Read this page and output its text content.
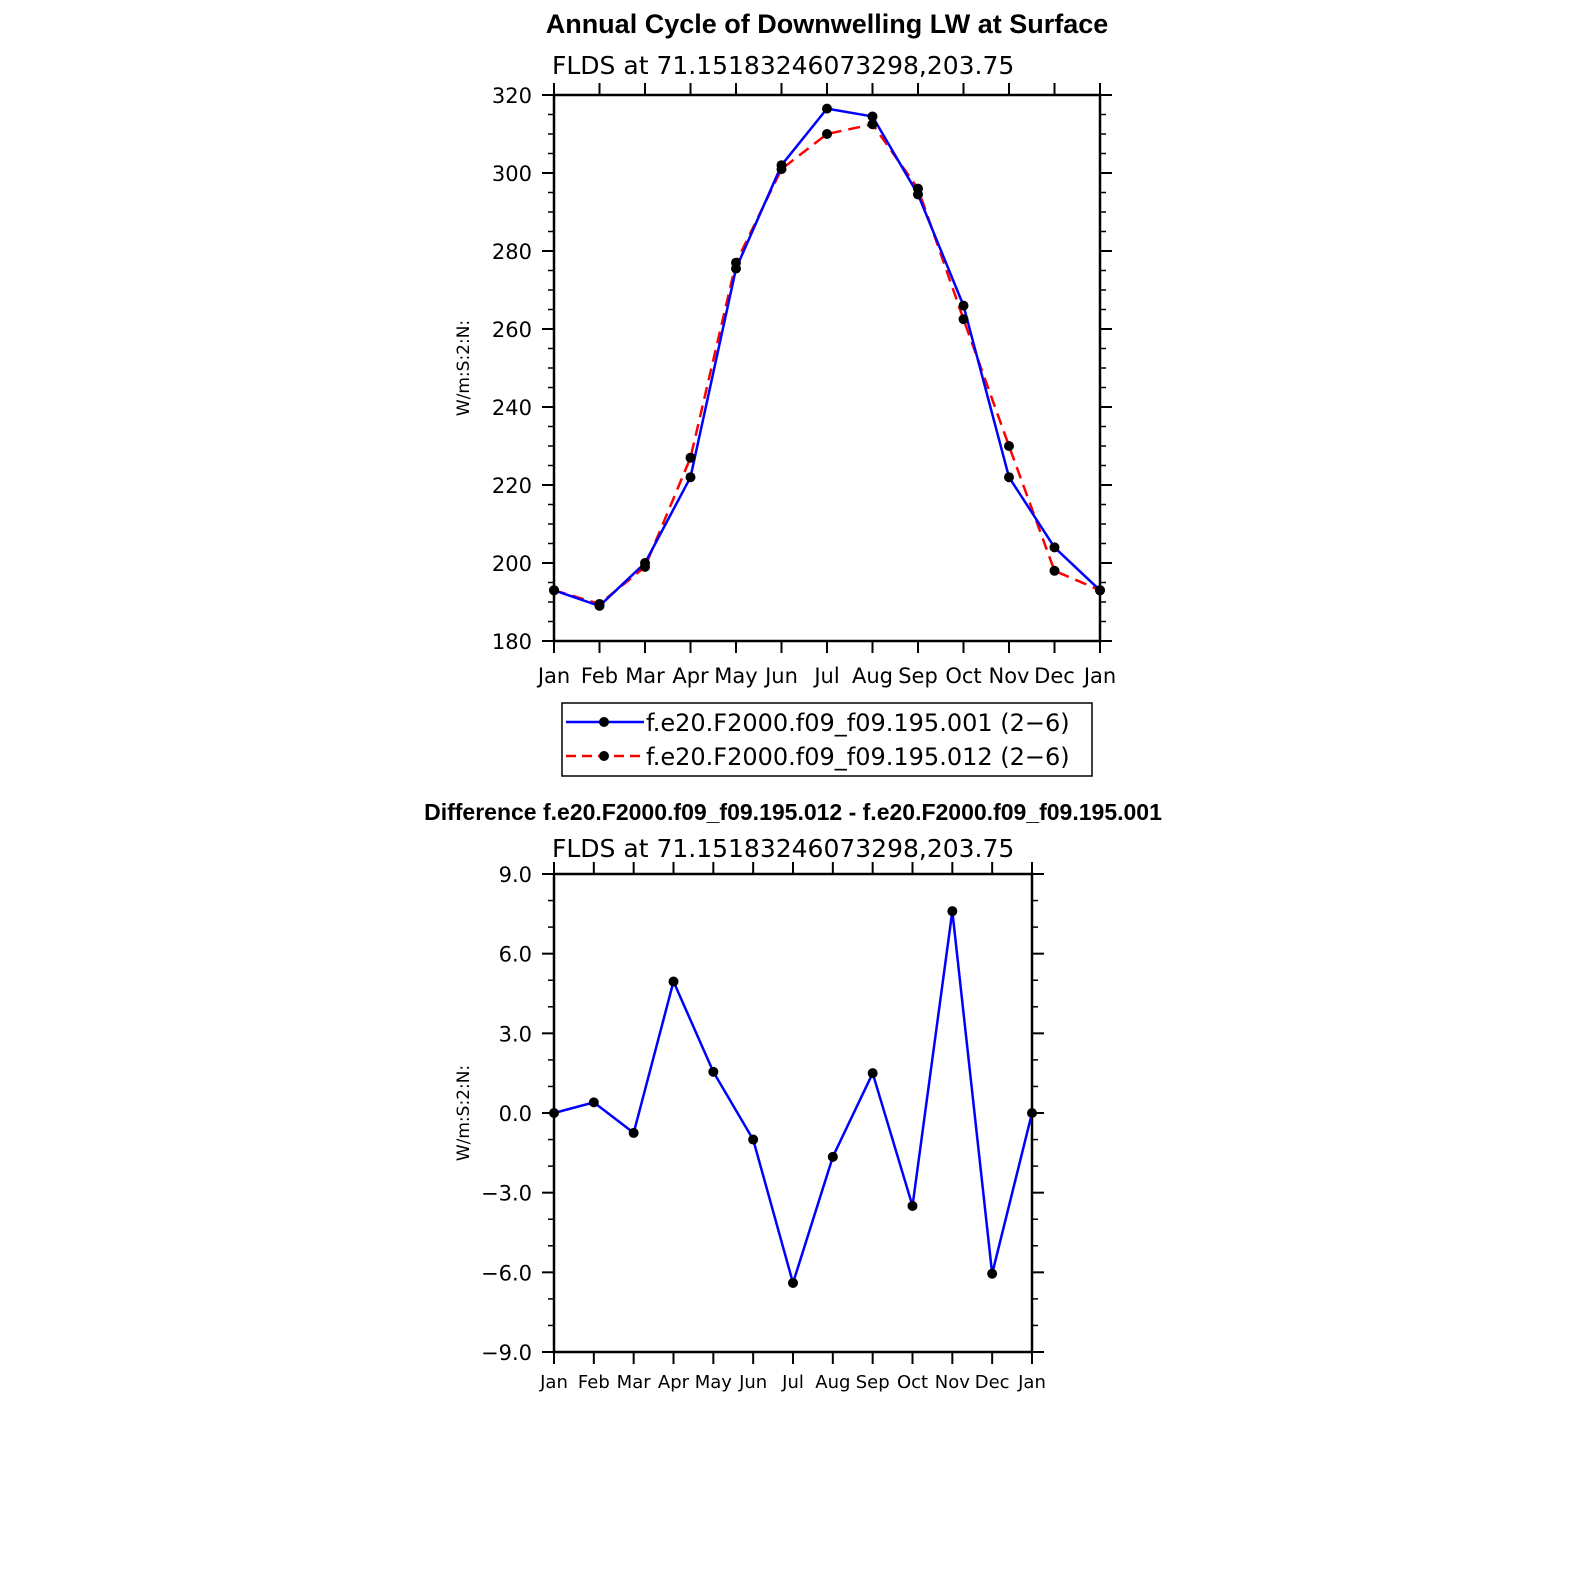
Annual Cycle of Downwelling LW at Surface
FLDS at 71.15183246073298,203.75
W/m:S:2:N:
Jan Feb Mar Apr May Jun Jul Aug Sep Oct Nov Dec Jan
180
200
220
240
260
280
300
320
f.e20.F2000.f09_f09.195.001 (2−6)
f.e20.F2000.f09_f09.195.012 (2−6)
Difference f.e20.F2000.f09_f09.195.012 - f.e20.F2000.f09_f09.195.001
FLDS at 71.15183246073298,203.75
W/m:S:2:N:
Jan Feb Mar Apr May Jun Jul Aug Sep Oct Nov Dec Jan
−9.0
−6.0
−3.0
0.0
3.0
6.0
9.0
